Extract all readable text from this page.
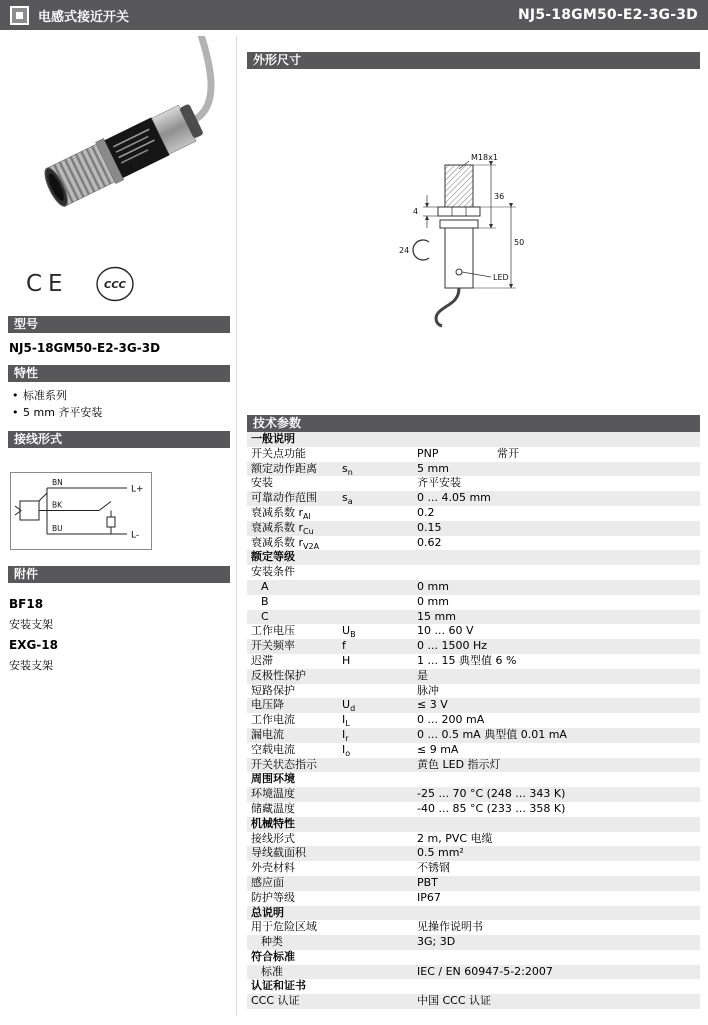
电感式接近开关	NJ5-18GM50-E2-3G-3D
CE	CCC
型号
NJ5-18GM50-E2-3G-3D
特性
• 标准系列
• 5 mm 齐平安装
接线形式
BN
BK
BU
L+
L-
附件
BF18
安装支架
EXG-18
安装支架
外形尺寸
M18x1
4
24
36
50
LED
技术参数
一般说明
开关点功能	PNP	常开
额定动作距离	$s_n$	5 mm
安装	齐平安装
可靠动作范围	$s_a$	0 ... 4.05 mm
衰减系数 $r_{Al}$	0.2
衰减系数 $r_{Cu}$	0.15
衰减系数 $r_{V2A}$	0.62
额定等级
安装条件
A	0 mm
B	0 mm
C	15 mm
工作电压	$U_B$	10 ... 60 V
开关频率	f	0 ... 1500 Hz
迟滞	H	1 ... 15 典型值 6 %
反极性保护	是
短路保护	脉冲
电压降	$U_d$	≤ 3 V
工作电流	$I_L$	0 ... 200 mA
漏电流	$I_r$	0 ... 0.5 mA 典型值 0.01 mA
空载电流	$I_o$	≤ 9 mA
开关状态指示	黄色 LED 指示灯
周围环境
环境温度	-25 ... 70 °C (248 ... 343 K)
储藏温度	-40 ... 85 °C (233 ... 358 K)
机械特性
接线形式	2 m, PVC 电缆
导线截面积	0.5 mm²
外壳材料	不锈钢
感应面	PBT
防护等级	IP67
总说明
用于危险区域	见操作说明书
种类	3G; 3D
符合标准
标准	IEC / EN 60947-5-2:2007
认证和证书
CCC 认证	中国 CCC 认证
